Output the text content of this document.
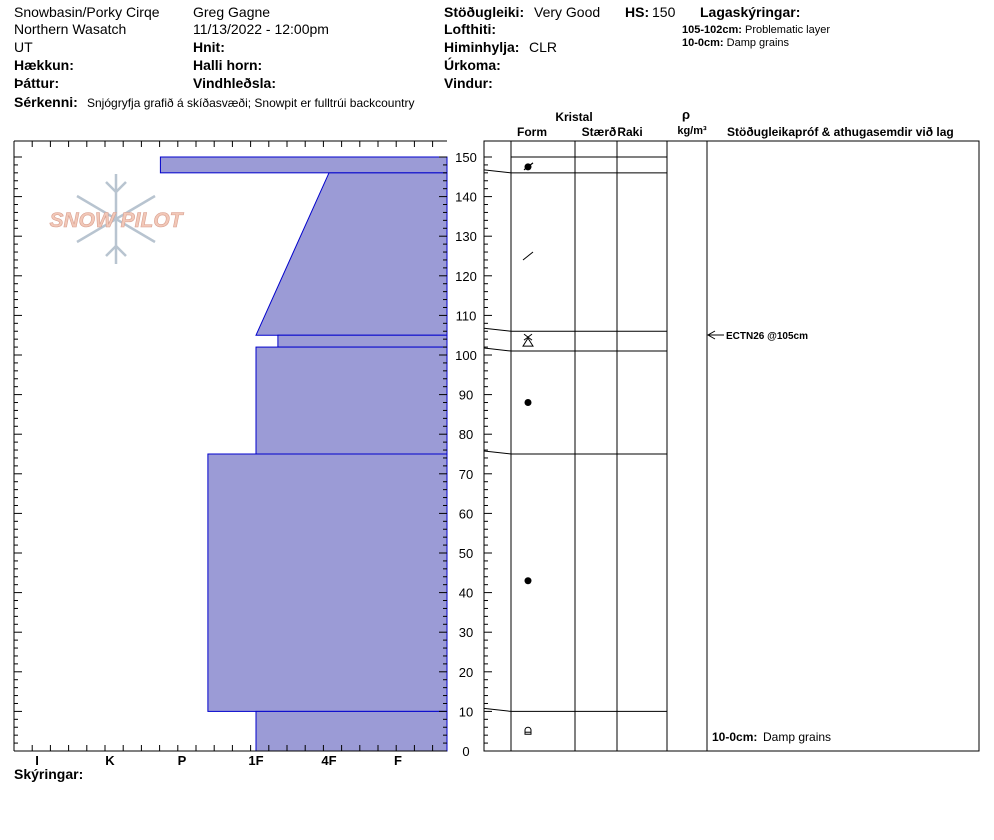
Snowbasin/Porky Cirqe
Northern Wasatch
UT
Hækkun:
Þáttur:
Sérkenni: Snjógryfja grafið á skíðasvæði; Snowpit er fulltrúi backcountry
Greg Gagne
11/13/2022 - 12:00pm
Hnit:
Halli horn:
Vindhleðsla:
Stöðugleiki: Very Good HS: 150
Lofthiti:
Himinhylja: CLR
Úrkoma:
Vindur:
Lagaskýringar:
105-102cm: Problematic layer
10-0cm: Damp grains
Skýringar:
SNOW PILOT
0
10
20
30
40
50
60
70
80
90
100
110
120
130
140
150
I	K	P	1F	4F	F
Kristal
Form	Stærð Raki
ρ
kg/m³ Stöðugleikapróf & athugasemdir við lag
ECTN26 @105cm
10-0cm: Damp grains
